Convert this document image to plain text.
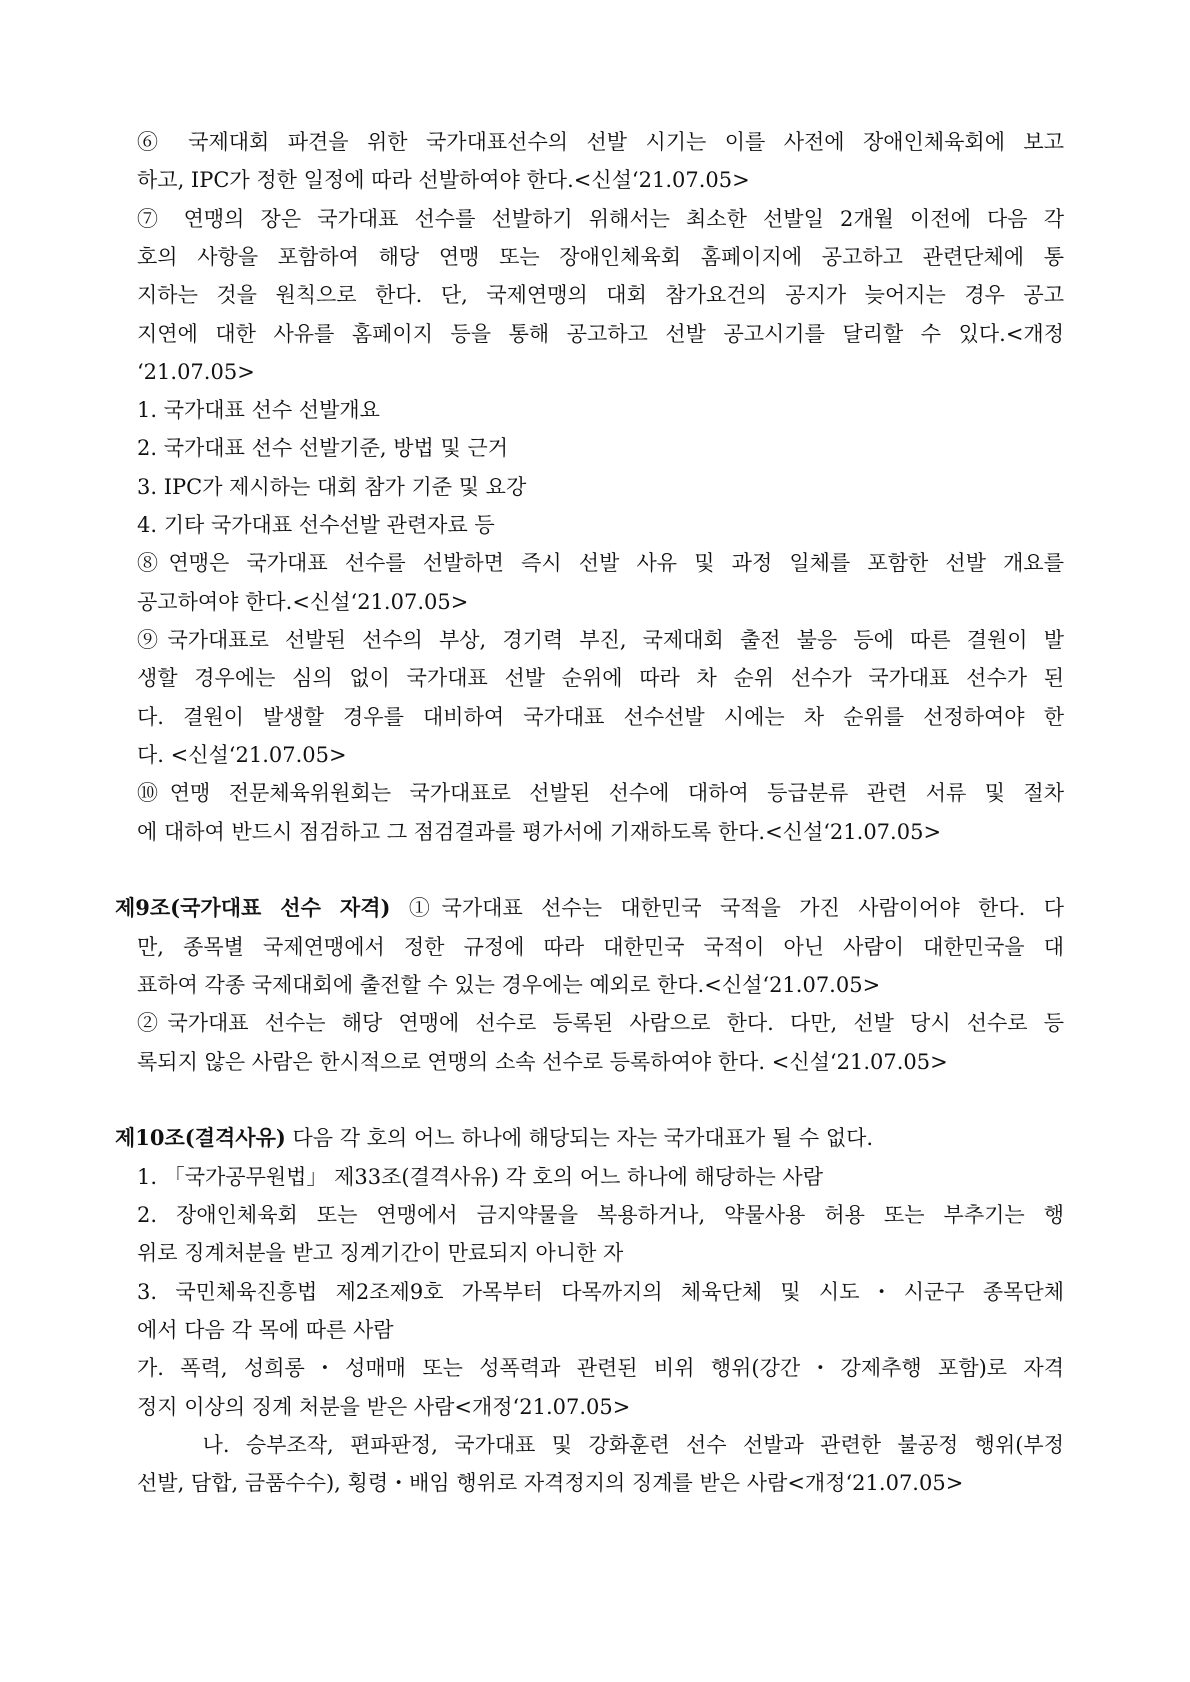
⑥ 국제대회 파견을 위한 국가대표선수의 선발 시기는 이를 사전에 장애인체육회에 보고
하고, IPC가 정한 일정에 따라 선발하여야 한다.<신설‘21.07.05>
⑦ 연맹의 장은 국가대표 선수를 선발하기 위해서는 최소한 선발일 2개월 이전에 다음 각
호의 사항을 포함하여 해당 연맹 또는 장애인체육회 홈페이지에 공고하고 관련단체에 통
지하는 것을 원칙으로 한다. 단, 국제연맹의 대회 참가요건의 공지가 늦어지는 경우 공고
지연에 대한 사유를 홈페이지 등을 통해 공고하고 선발 공고시기를 달리할 수 있다.<개정
‘21.07.05>
1. 국가대표 선수 선발개요
2. 국가대표 선수 선발기준, 방법 및 근거
3. IPC가 제시하는 대회 참가 기준 및 요강
4. 기타 국가대표 선수선발 관련자료 등
⑧연맹은 국가대표 선수를 선발하면 즉시 선발 사유 및 과정 일체를 포함한 선발 개요를
공고하여야 한다.<신설‘21.07.05>
⑨국가대표로 선발된 선수의 부상, 경기력 부진, 국제대회 출전 불응 등에 따른 결원이 발
생할 경우에는 심의 없이 국가대표 선발 순위에 따라 차 순위 선수가 국가대표 선수가 된
다. 결원이 발생할 경우를 대비하여 국가대표 선수선발 시에는 차 순위를 선정하여야 한
다. <신설‘21.07.05>
⑩연맹 전문체육위원회는 국가대표로 선발된 선수에 대하여 등급분류 관련 서류 및 절차
에 대하여 반드시 점검하고 그 점검결과를 평가서에 기재하도록 한다.<신설‘21.07.05>
제9조(국가대표 선수 자격) ①국가대표 선수는 대한민국 국적을 가진 사람이어야 한다. 다
만, 종목별 국제연맹에서 정한 규정에 따라 대한민국 국적이 아닌 사람이 대한민국을 대
표하여 각종 국제대회에 출전할 수 있는 경우에는 예외로 한다.<신설‘21.07.05>
②국가대표 선수는 해당 연맹에 선수로 등록된 사람으로 한다. 다만, 선발 당시 선수로 등
록되지 않은 사람은 한시적으로 연맹의 소속 선수로 등록하여야 한다. <신설‘21.07.05>
제10조(결격사유) 다음 각 호의 어느 하나에 해당되는 자는 국가대표가 될 수 없다.
1. 「국가공무원법」 제33조(결격사유) 각 호의 어느 하나에 해당하는 사람
2. 장애인체육회 또는 연맹에서 금지약물을 복용하거나, 약물사용 허용 또는 부추기는 행
위로 징계처분을 받고 징계기간이 만료되지 아니한 자
3. 국민체육진흥법 제2조제9호 가목부터 다목까지의 체육단체 및 시도・시군구 종목단체
에서 다음 각 목에 따른 사람
가. 폭력, 성희롱・성매매 또는 성폭력과 관련된 비위 행위(강간・강제추행 포함)로 자격
정지 이상의 징계 처분을 받은 사람<개정‘21.07.05>
나. 승부조작, 편파판정, 국가대표 및 강화훈련 선수 선발과 관련한 불공정 행위(부정
선발, 담합, 금품수수), 횡령・배임 행위로 자격정지의 징계를 받은 사람<개정‘21.07.05>
